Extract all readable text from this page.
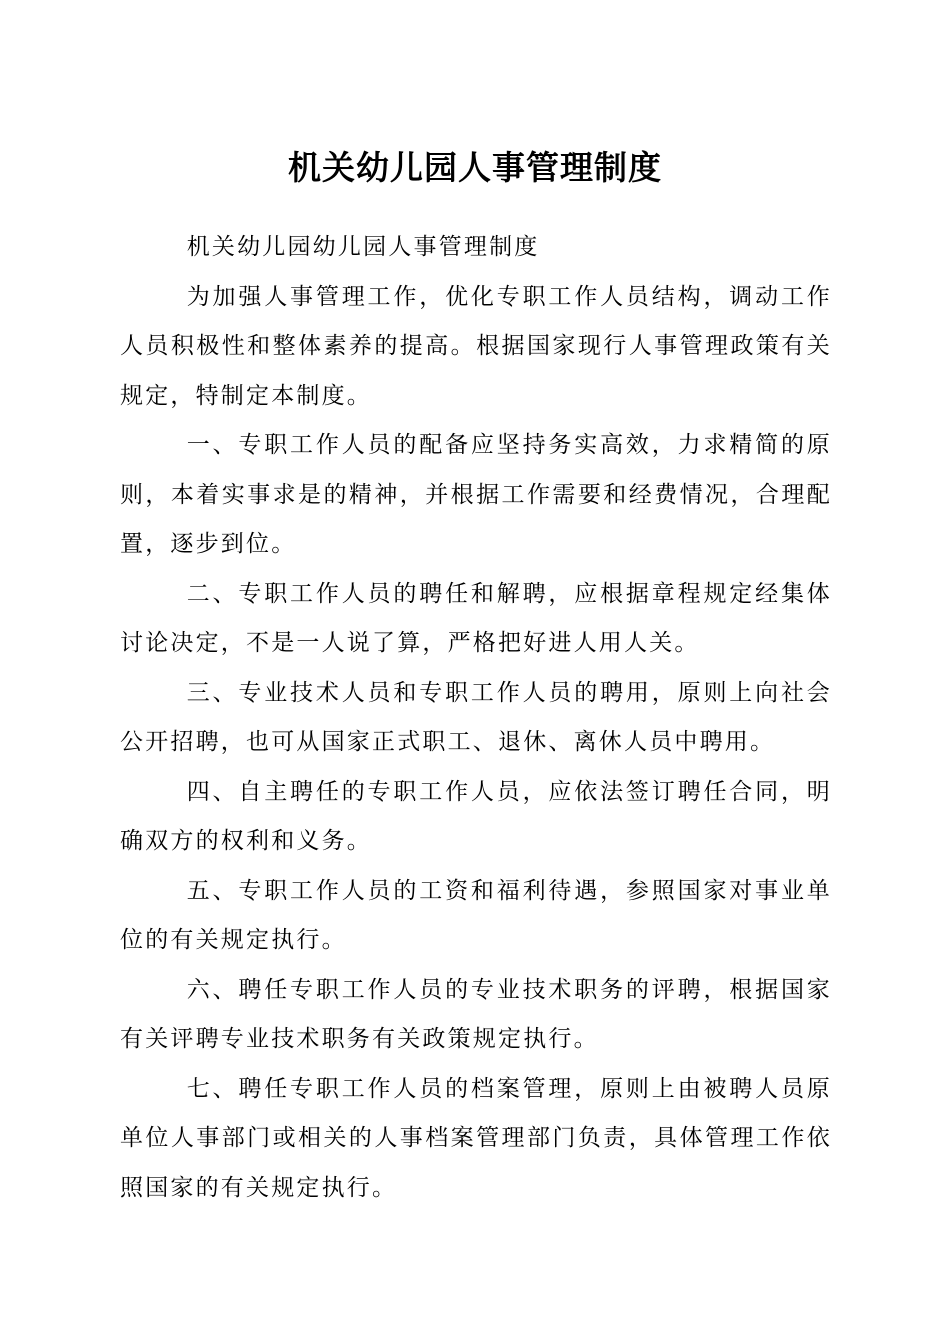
机关幼儿园人事管理制度

机关幼儿园幼儿园人事管理制度

为加强人事管理工作，优化专职工作人员结构，调动工作人员积极性和整体素养的提高。根据国家现行人事管理政策有关规定，特制定本制度。

一、专职工作人员的配备应坚持务实高效，力求精简的原则，本着实事求是的精神，并根据工作需要和经费情况，合理配置，逐步到位。

二、专职工作人员的聘任和解聘，应根据章程规定经集体讨论决定，不是一人说了算，严格把好进人用人关。

三、专业技术人员和专职工作人员的聘用，原则上向社会公开招聘，也可从国家正式职工、退休、离休人员中聘用。

四、自主聘任的专职工作人员，应依法签订聘任合同，明确双方的权利和义务。

五、专职工作人员的工资和福利待遇，参照国家对事业单位的有关规定执行。

六、聘任专职工作人员的专业技术职务的评聘，根据国家有关评聘专业技术职务有关政策规定执行。

七、聘任专职工作人员的档案管理，原则上由被聘人员原单位人事部门或相关的人事档案管理部门负责，具体管理工作依照国家的有关规定执行。
